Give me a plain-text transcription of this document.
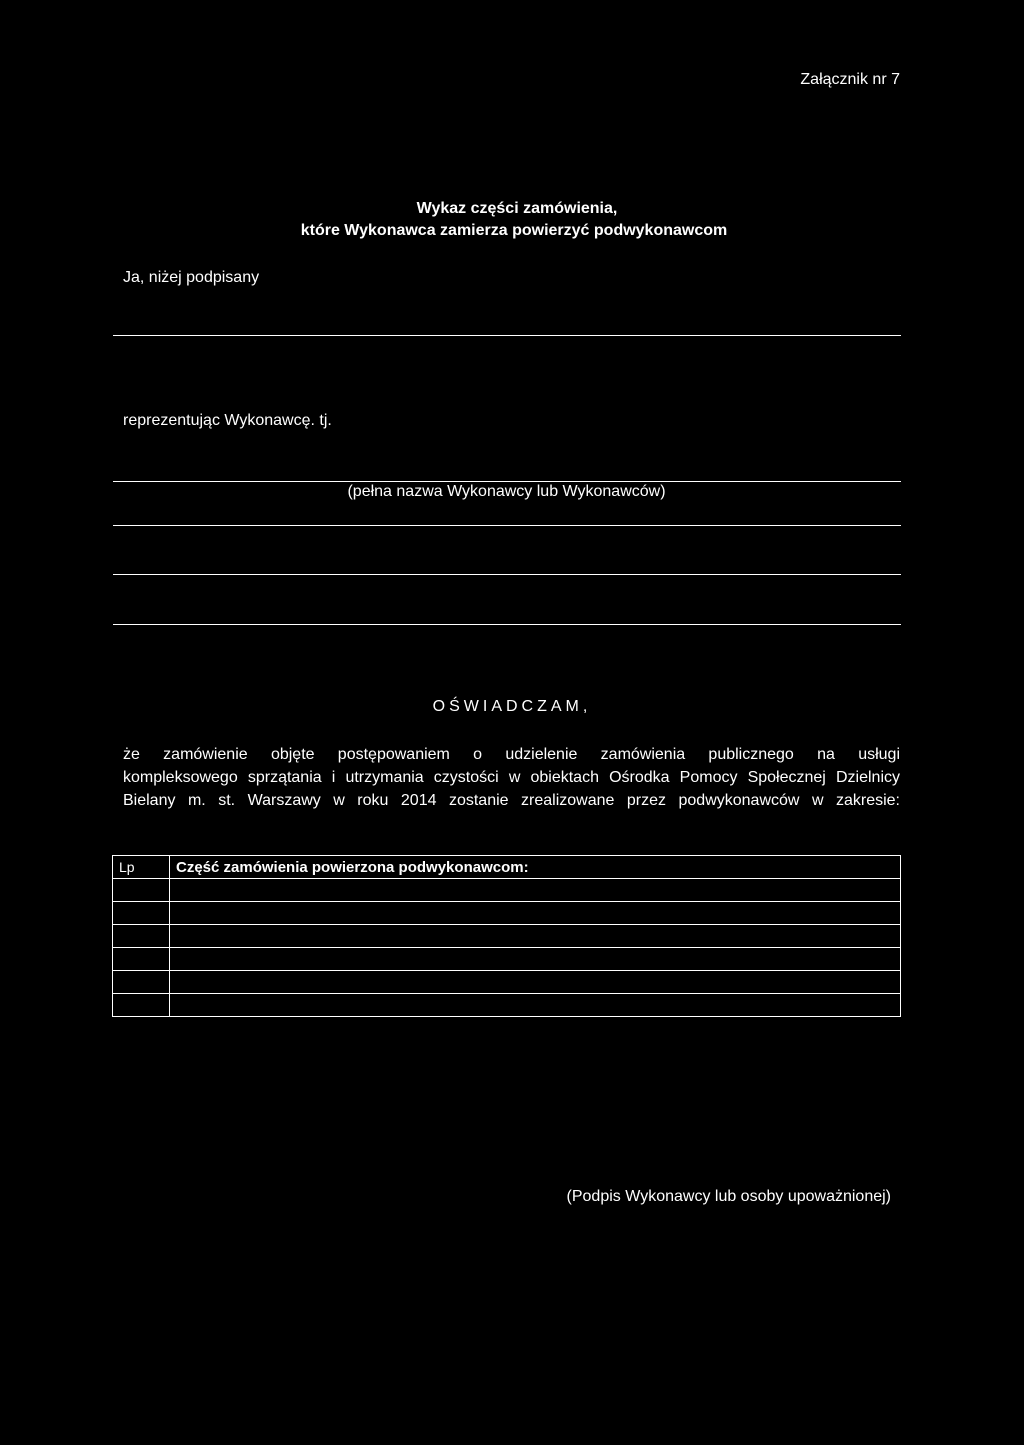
Załącznik nr 7
Wykaz części zamówienia,
które Wykonawca zamierza powierzyć podwykonawcom
Ja, niżej podpisany
reprezentując Wykonawcę. tj.
(pełna nazwa Wykonawcy lub Wykonawców)
OŚWIADCZAM,
że zamówienie objęte postępowaniem o udzielenie zamówienia publicznego na usługi
kompleksowego sprzątania i utrzymania czystości w obiektach Ośrodka Pomocy Społecznej Dzielnicy
Bielany m. st. Warszawy w roku 2014 zostanie zrealizowane przez podwykonawców w zakresie:
Lp	Część zamówienia powierzona podwykonawcom:

(Podpis Wykonawcy lub osoby upoważnionej)
